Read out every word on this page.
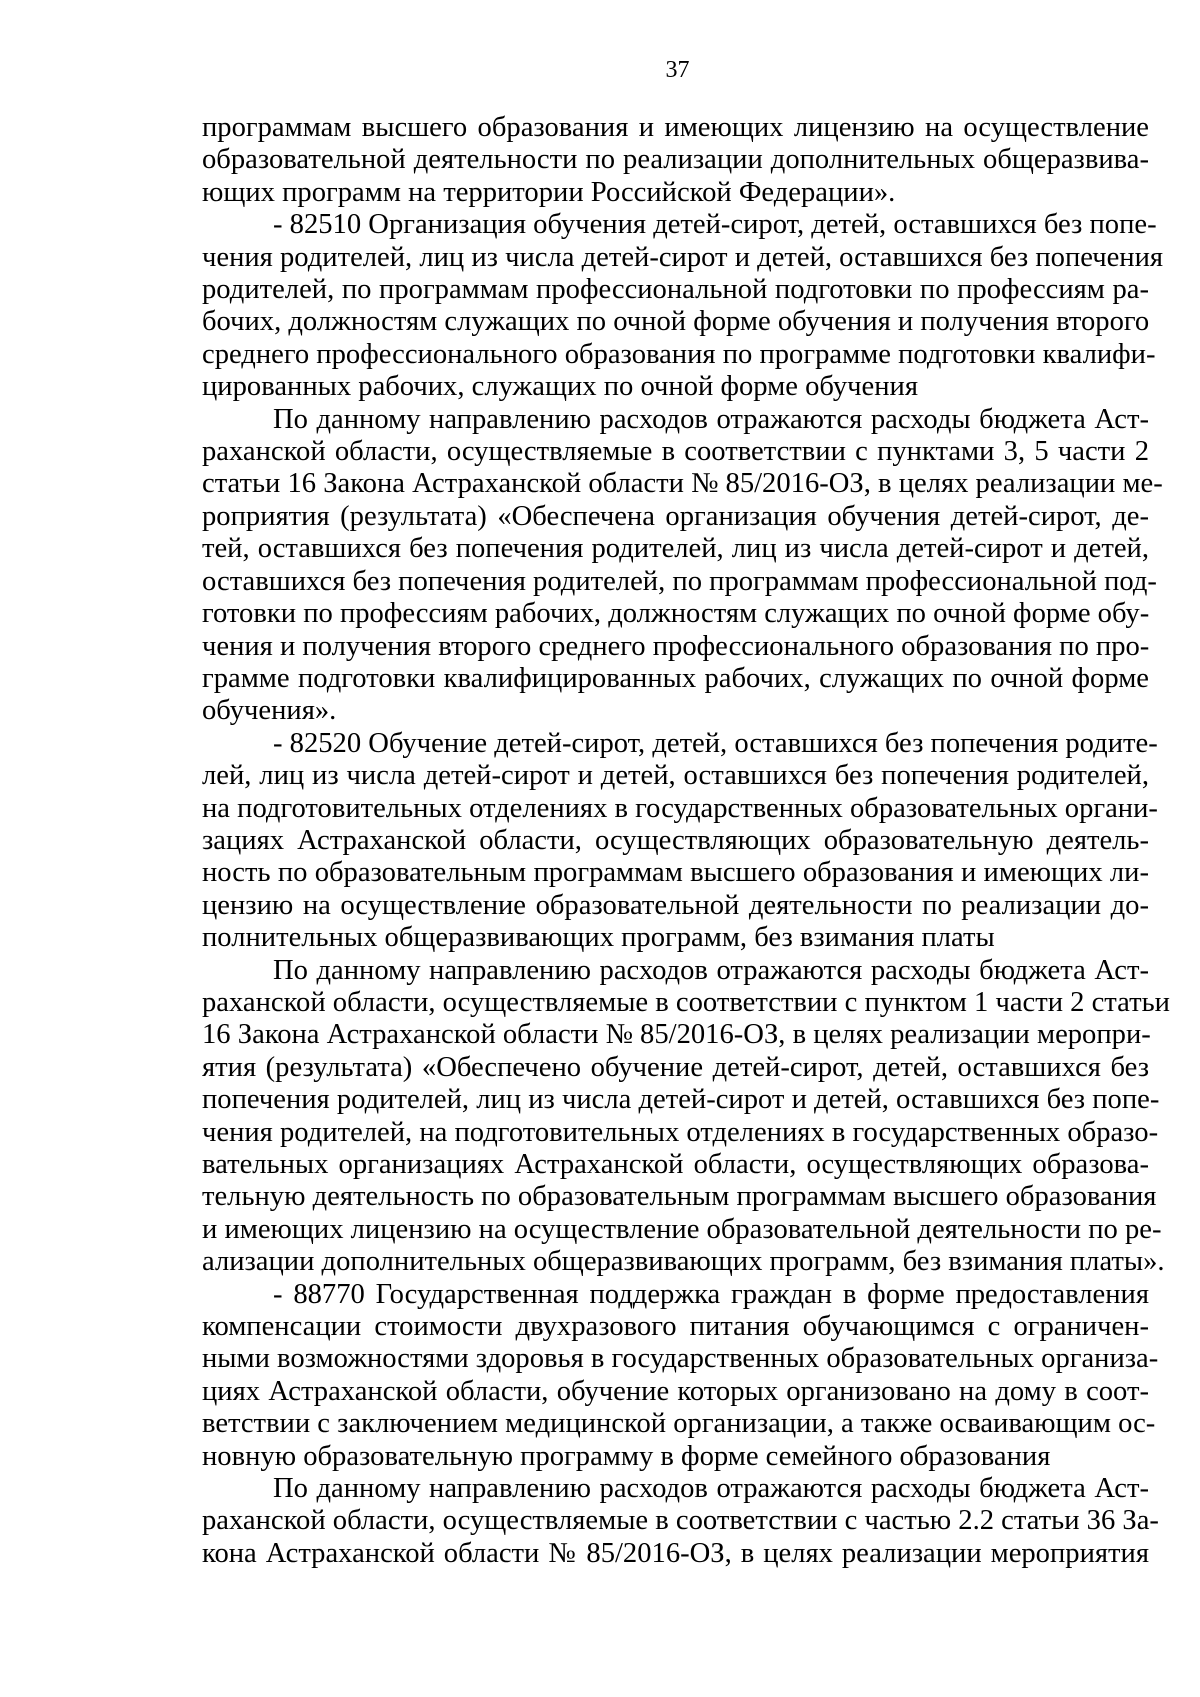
37
программам высшего образования и имеющих лицензию на осуществление
образовательной деятельности по реализации дополнительных общеразвива-
ющих программ на территории Российской Федерации».
- 82510 Организация обучения детей-сирот, детей, оставшихся без попе-
чения родителей, лиц из числа детей-сирот и детей, оставшихся без попечения
родителей, по программам профессиональной подготовки по профессиям ра-
бочих, должностям служащих по очной форме обучения и получения второго
среднего профессионального образования по программе подготовки квалифи-
цированных рабочих, служащих по очной форме обучения
По данному направлению расходов отражаются расходы бюджета Аст-
раханской области, осуществляемые в соответствии с пунктами 3, 5 части 2
статьи 16 Закона Астраханской области № 85/2016-ОЗ, в целях реализации ме-
роприятия (результата) «Обеспечена организация обучения детей-сирот, де-
тей, оставшихся без попечения родителей, лиц из числа детей-сирот и детей,
оставшихся без попечения родителей, по программам профессиональной под-
готовки по профессиям рабочих, должностям служащих по очной форме обу-
чения и получения второго среднего профессионального образования по про-
грамме подготовки квалифицированных рабочих, служащих по очной форме
обучения».
- 82520 Обучение детей-сирот, детей, оставшихся без попечения родите-
лей, лиц из числа детей-сирот и детей, оставшихся без попечения родителей,
на подготовительных отделениях в государственных образовательных органи-
зациях Астраханской области, осуществляющих образовательную деятель-
ность по образовательным программам высшего образования и имеющих ли-
цензию на осуществление образовательной деятельности по реализации до-
полнительных общеразвивающих программ, без взимания платы
По данному направлению расходов отражаются расходы бюджета Аст-
раханской области, осуществляемые в соответствии с пунктом 1 части 2 статьи
16 Закона Астраханской области № 85/2016-ОЗ, в целях реализации меропри-
ятия (результата) «Обеспечено обучение детей-сирот, детей, оставшихся без
попечения родителей, лиц из числа детей-сирот и детей, оставшихся без попе-
чения родителей, на подготовительных отделениях в государственных образо-
вательных организациях Астраханской области, осуществляющих образова-
тельную деятельность по образовательным программам высшего образования
и имеющих лицензию на осуществление образовательной деятельности по ре-
ализации дополнительных общеразвивающих программ, без взимания платы».
- 88770 Государственная поддержка граждан в форме предоставления
компенсации стоимости двухразового питания обучающимся с ограничен-
ными возможностями здоровья в государственных образовательных организа-
циях Астраханской области, обучение которых организовано на дому в соот-
ветствии с заключением медицинской организации, а также осваивающим ос-
новную образовательную программу в форме семейного образования
По данному направлению расходов отражаются расходы бюджета Аст-
раханской области, осуществляемые в соответствии с частью 2.2 статьи 36 За-
кона Астраханской области № 85/2016-ОЗ, в целях реализации мероприятия
